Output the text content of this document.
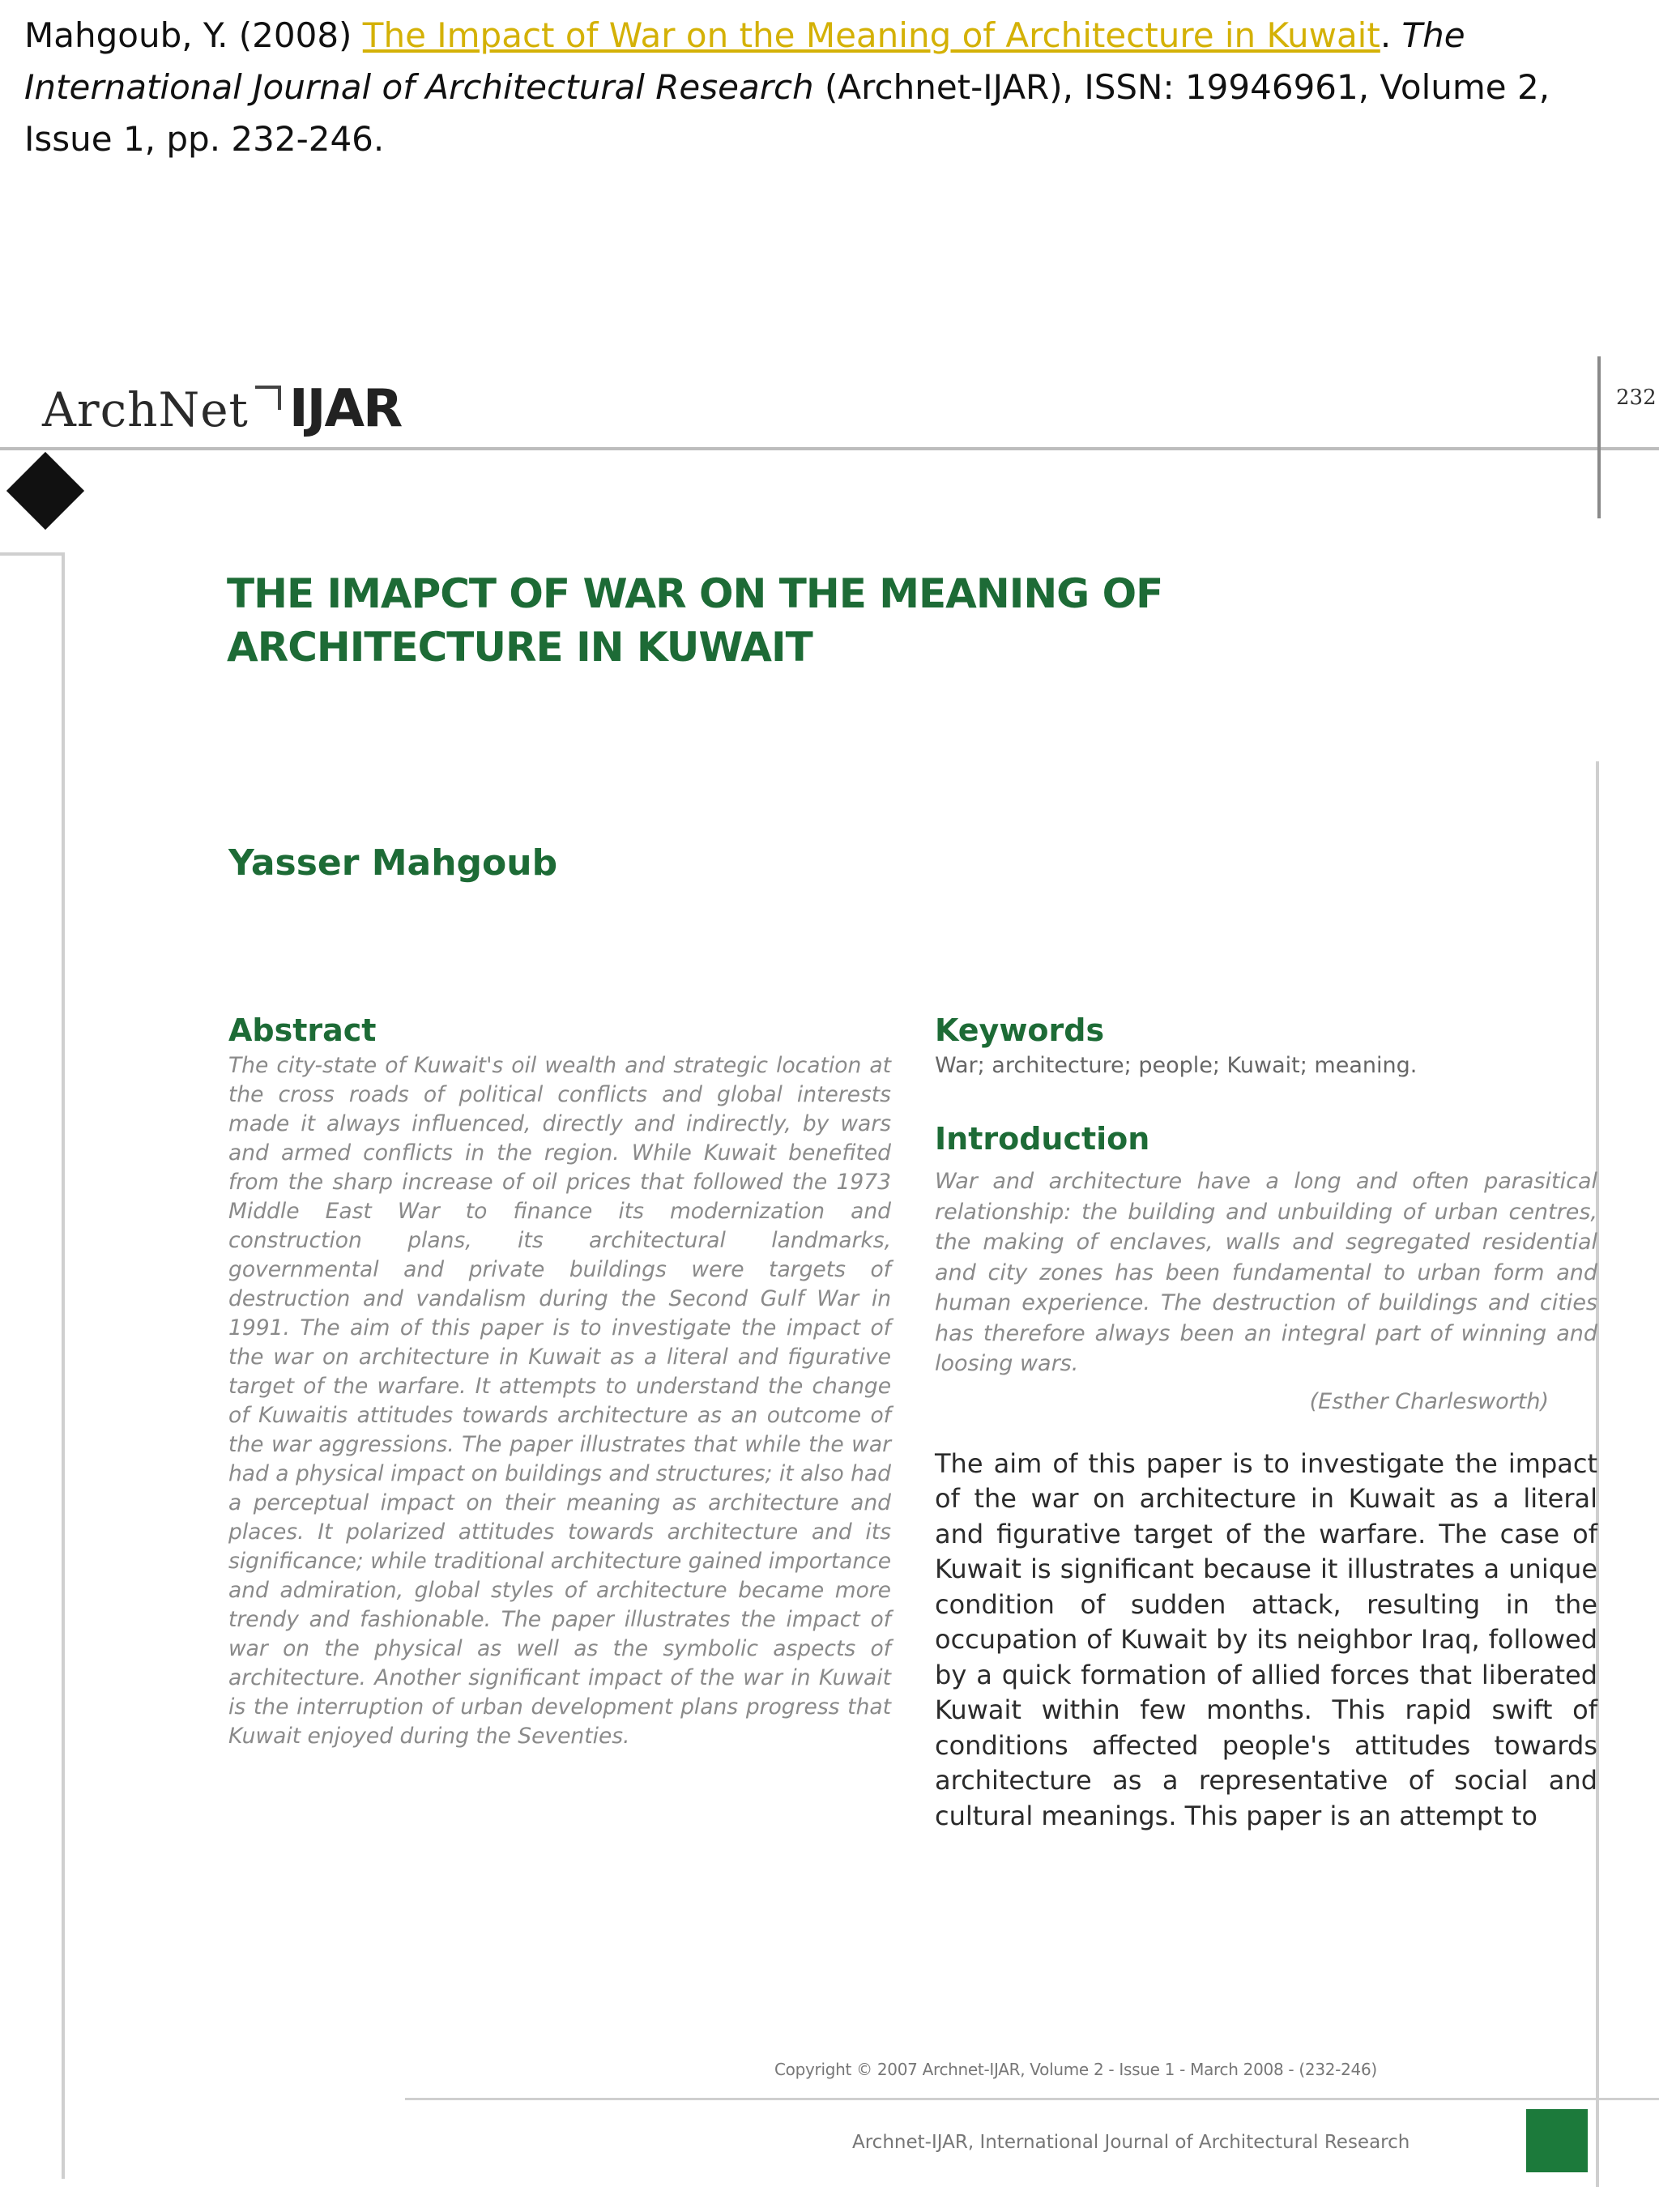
Mahgoub, Y. (2008) The Impact of War on the Meaning of Architecture in Kuwait. The International Journal of Architectural Research (Archnet-IJAR), ISSN: 19946961, Volume 2, Issue 1, pp. 232-246.
ArchNet IJAR	232
THE IMAPCT OF WAR ON THE MEANING OF ARCHITECTURE IN KUWAIT
Yasser Mahgoub
Abstract

The city-state of Kuwait's oil wealth and strategic location at the cross roads of political conflicts and global interests made it always influenced, directly and indirectly, by wars and armed conflicts in the region. While Kuwait benefited from the sharp increase of oil prices that followed the 1973 Middle East War to finance its modernization and construction plans, its architectural landmarks, governmental and private buildings were targets of destruction and vandalism during the Second Gulf War in 1991. The aim of this paper is to investigate the impact of the war on architecture in Kuwait as a literal and figurative target of the warfare. It attempts to understand the change of Kuwaitis attitudes towards architecture as an outcome of the war aggressions. The paper illustrates that while the war had a physical impact on buildings and structures; it also had a perceptual impact on their meaning as architecture and places. It polarized attitudes towards architecture and its significance; while traditional architecture gained importance and admiration, global styles of architecture became more trendy and fashionable. The paper illustrates the impact of war on the physical as well as the symbolic aspects of architecture. Another significant impact of the war in Kuwait is the interruption of urban development plans progress that Kuwait enjoyed during the Seventies.

Keywords

War; architecture; people; Kuwait; meaning.

Introduction

War and architecture have a long and often parasitical relationship: the building and unbuilding of urban centres, the making of enclaves, walls and segregated residential and city zones has been fundamental to urban form and human experience. The destruction of buildings and cities has therefore always been an integral part of winning and loosing wars.

(Esther Charlesworth)

The aim of this paper is to investigate the impact of the war on architecture in Kuwait as a literal and figurative target of the warfare. The case of Kuwait is significant because it illustrates a unique condition of sudden attack, resulting in the occupation of Kuwait by its neighbor Iraq, followed by a quick formation of allied forces that liberated Kuwait within few months. This rapid swift of conditions affected people's attitudes towards architecture as a representative of social and cultural meanings. This paper is an attempt to

Copyright © 2007 Archnet-IJAR, Volume 2 - Issue 1 - March 2008 - (232-246)
Archnet-IJAR, International Journal of Architectural Research
